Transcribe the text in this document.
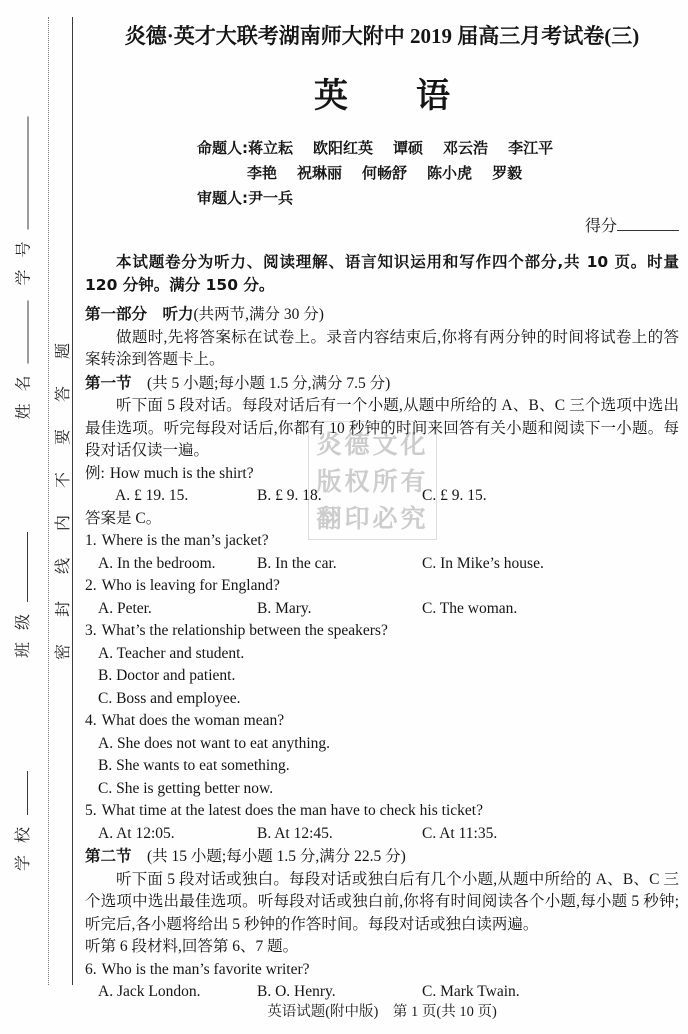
学号
姓名
班级
学校
密封线内不要答题	炎德文化
版权所有
翻印必究
炎德·英才大联考湖南师大附中 2019 届高三月考试卷(三)
英　　语
命题人:蒋立耘 欧阳红英 谭硕 邓云浩 李江平
李艳 祝琳丽 何畅舒 陈小虎 罗毅
审题人:尹一兵
得分
本试题卷分为听力、阅读理解、语言知识运用和写作四个部分,共 10 页。时量 120 分钟。满分 150 分。
第一部分　听力(共两节,满分 30 分)
做题时,先将答案标在试卷上。录音内容结束后,你将有两分钟的时间将试卷上的答案转涂到答题卡上。
第一节　(共 5 小题;每小题 1.5 分,满分 7.5 分)
听下面 5 段对话。每段对话后有一个小题,从题中所给的 A、B、C 三个选项中选出最佳选项。听完每段对话后,你都有 10 秒钟的时间来回答有关小题和阅读下一小题。每段对话仅读一遍。
例: How much is the shirt?
A. £ 19. 15.	B. £ 9. 18.	C. £ 9. 15.
答案是 C。
1. Where is the man’s jacket?
A. In the bedroom.	B. In the car.	C. In Mike’s house.
2. Who is leaving for England?
A. Peter.	B. Mary.	C. The woman.
3. What’s the relationship between the speakers?
A. Teacher and student.
B. Doctor and patient.
C. Boss and employee.
4. What does the woman mean?
A. She does not want to eat anything.
B. She wants to eat something.
C. She is getting better now.
5. What time at the latest does the man have to check his ticket?
A. At 12:05.	B. At 12:45.	C. At 11:35.
第二节　(共 15 小题;每小题 1.5 分,满分 22.5 分)
听下面 5 段对话或独白。每段对话或独白后有几个小题,从题中所给的 A、B、C 三个选项中选出最佳选项。听每段对话或独白前,你将有时间阅读各个小题,每小题 5 秒钟;听完后,各小题将给出 5 秒钟的作答时间。每段对话或独白读两遍。
听第 6 段材料,回答第 6、7 题。
6. Who is the man’s favorite writer?
A. Jack London.	B. O. Henry.	C. Mark Twain.
英语试题(附中版)　第 1 页(共 10 页)
